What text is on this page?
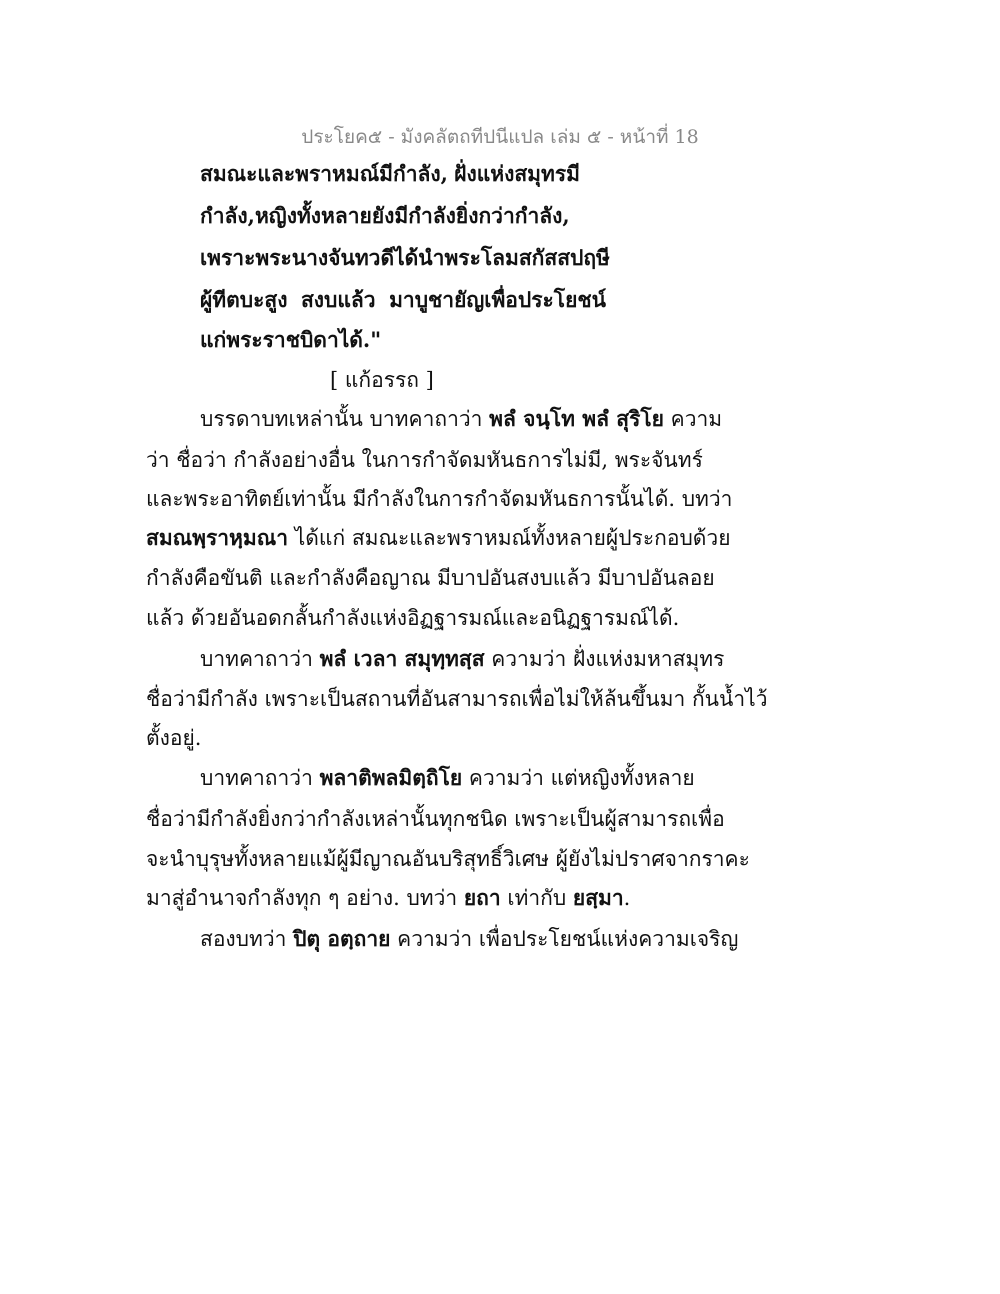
ประโยค๕ - มังคลัตถทีปนีแปล เล่ม ๕ - หน้าที่ 18
สมณะและพราหมณ์มีกำลัง, ฝั่งแห่งสมุทรมี
กำลัง, หญิงทั้งหลาย ยังมีกำลังยิ่งกว่ากำลัง,
เพราะพระนางจันทวดี ได้นำพระโลมสกัสสปฤษี
ผู้ทีตบะสูง สงบแล้ว มาบูชายัญเพื่อประโยชน์
แก่พระราชบิดาได้."
[ แก้อรรถ ]
บรรดาบทเหล่านั้น บาทคาถาว่า พลํ จนฺโท พลํ สุริโย ความ
ว่า ชื่อว่า กำลังอย่างอื่น ในการกำจัดมหันธการไม่มี, พระจันทร์
และพระอาทิตย์เท่านั้น มีกำลังในการกำจัดมหันธการนั้นได้. บทว่า
สมณพฺราหฺมณา ได้แก่ สมณะและพราหมณ์ทั้งหลายผู้ประกอบด้วย
กำลังคือขันติ และกำลังคือญาณ มีบาปอันสงบแล้ว มีบาปอันลอย
แล้ว ด้วยอันอดกลั้นกำลังแห่งอิฏฐารมณ์และอนิฏฐารมณ์ได้.
บาทคาถาว่า พลํ เวลา สมุทฺทสฺส ความว่า ฝั่งแห่งมหาสมุทร
ชื่อว่ามีกำลัง เพราะเป็นสถานที่อันสามารถเพื่อไม่ให้ล้นขึ้นมา กั้นน้ำไว้
ตั้งอยู่.
บาทคาถาว่า พลาติพลมิตฺถิโย ความว่า แต่หญิงทั้งหลาย
ชื่อว่ามีกำลังยิ่งกว่ากำลังเหล่านั้นทุกชนิด เพราะเป็นผู้สามารถเพื่อ
จะนำบุรุษทั้งหลายแม้ผู้มีญาณอันบริสุทธิ์วิเศษ ผู้ยังไม่ปราศจากราคะ
มาสู่อำนาจกำลังทุก ๆ อย่าง. บทว่า ยถา เท่ากับ ยสฺมา.
สองบทว่า ปิตุ อตฺถาย ความว่า เพื่อประโยชน์แห่งความเจริญ
